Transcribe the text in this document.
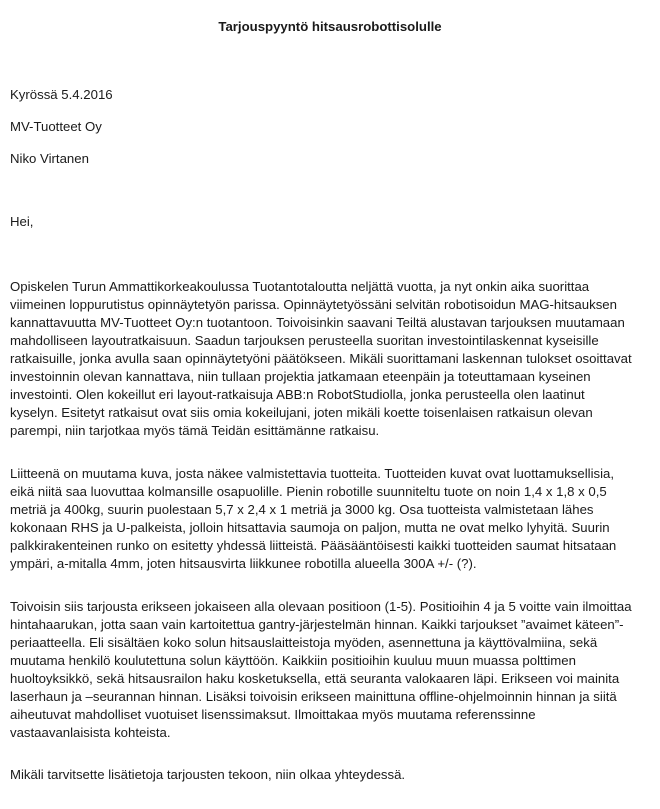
Tarjouspyyntö hitsausrobottisolulle
Kyrössä 5.4.2016
MV-Tuotteet Oy
Niko Virtanen
Hei,
Opiskelen Turun Ammattikorkeakoulussa Tuotantotaloutta neljättä vuotta, ja nyt onkin aika suorittaa
viimeinen loppurutistus opinnäytetyön parissa. Opinnäytetyössäni selvitän robotisoidun MAG-hitsauksen
kannattavuutta MV-Tuotteet Oy:n tuotantoon. Toivoisinkin saavani Teiltä alustavan tarjouksen muutamaan
mahdolliseen layoutratkaisuun. Saadun tarjouksen perusteella suoritan investointilaskennat kyseisille
ratkaisuille, jonka avulla saan opinnäytetyöni päätökseen. Mikäli suorittamani laskennan tulokset osoittavat
investoinnin olevan kannattava, niin tullaan projektia jatkamaan eteenpäin ja toteuttamaan kyseinen
investointi. Olen kokeillut eri layout-ratkaisuja ABB:n RobotStudiolla, jonka perusteella olen laatinut
kyselyn. Esitetyt ratkaisut ovat siis omia kokeilujani, joten mikäli koette toisenlaisen ratkaisun olevan
parempi, niin tarjotkaa myös tämä Teidän esittämänne ratkaisu.
Liitteenä on muutama kuva, josta näkee valmistettavia tuotteita. Tuotteiden kuvat ovat luottamuksellisia,
eikä niitä saa luovuttaa kolmansille osapuolille. Pienin robotille suunniteltu tuote on noin 1,4 x 1,8 x 0,5
metriä ja 400kg, suurin puolestaan 5,7 x 2,4 x 1 metriä ja 3000 kg. Osa tuotteista valmistetaan lähes
kokonaan RHS ja U-palkeista, jolloin hitsattavia saumoja on paljon, mutta ne ovat melko lyhyitä. Suurin
palkkirakenteinen runko on esitetty yhdessä liitteistä. Pääsääntöisesti kaikki tuotteiden saumat hitsataan
ympäri, a-mitalla 4mm, joten hitsausvirta liikkunee robotilla alueella 300A +/- (?).
Toivoisin siis tarjousta erikseen jokaiseen alla olevaan positioon (1-5). Positioihin 4 ja 5 voitte vain ilmoittaa
hintahaarukan, jotta saan vain kartoitettua gantry-järjestelmän hinnan. Kaikki tarjoukset ”avaimet käteen”-
periaatteella. Eli sisältäen koko solun hitsauslaitteistoja myöden, asennettuna ja käyttövalmiina, sekä
muutama henkilö koulutettuna solun käyttöön. Kaikkiin positioihin kuuluu muun muassa polttimen
huoltoyksikkö, sekä hitsausrailon haku kosketuksella, että seuranta valokaaren läpi. Erikseen voi mainita
laserhaun ja –seurannan hinnan. Lisäksi toivoisin erikseen mainittuna offline-ohjelmoinnin hinnan ja siitä
aiheutuvat mahdolliset vuotuiset lisenssimaksut. Ilmoittakaa myös muutama referenssinne
vastaavanlaisista kohteista.
Mikäli tarvitsette lisätietoja tarjousten tekoon, niin olkaa yhteydessä.
